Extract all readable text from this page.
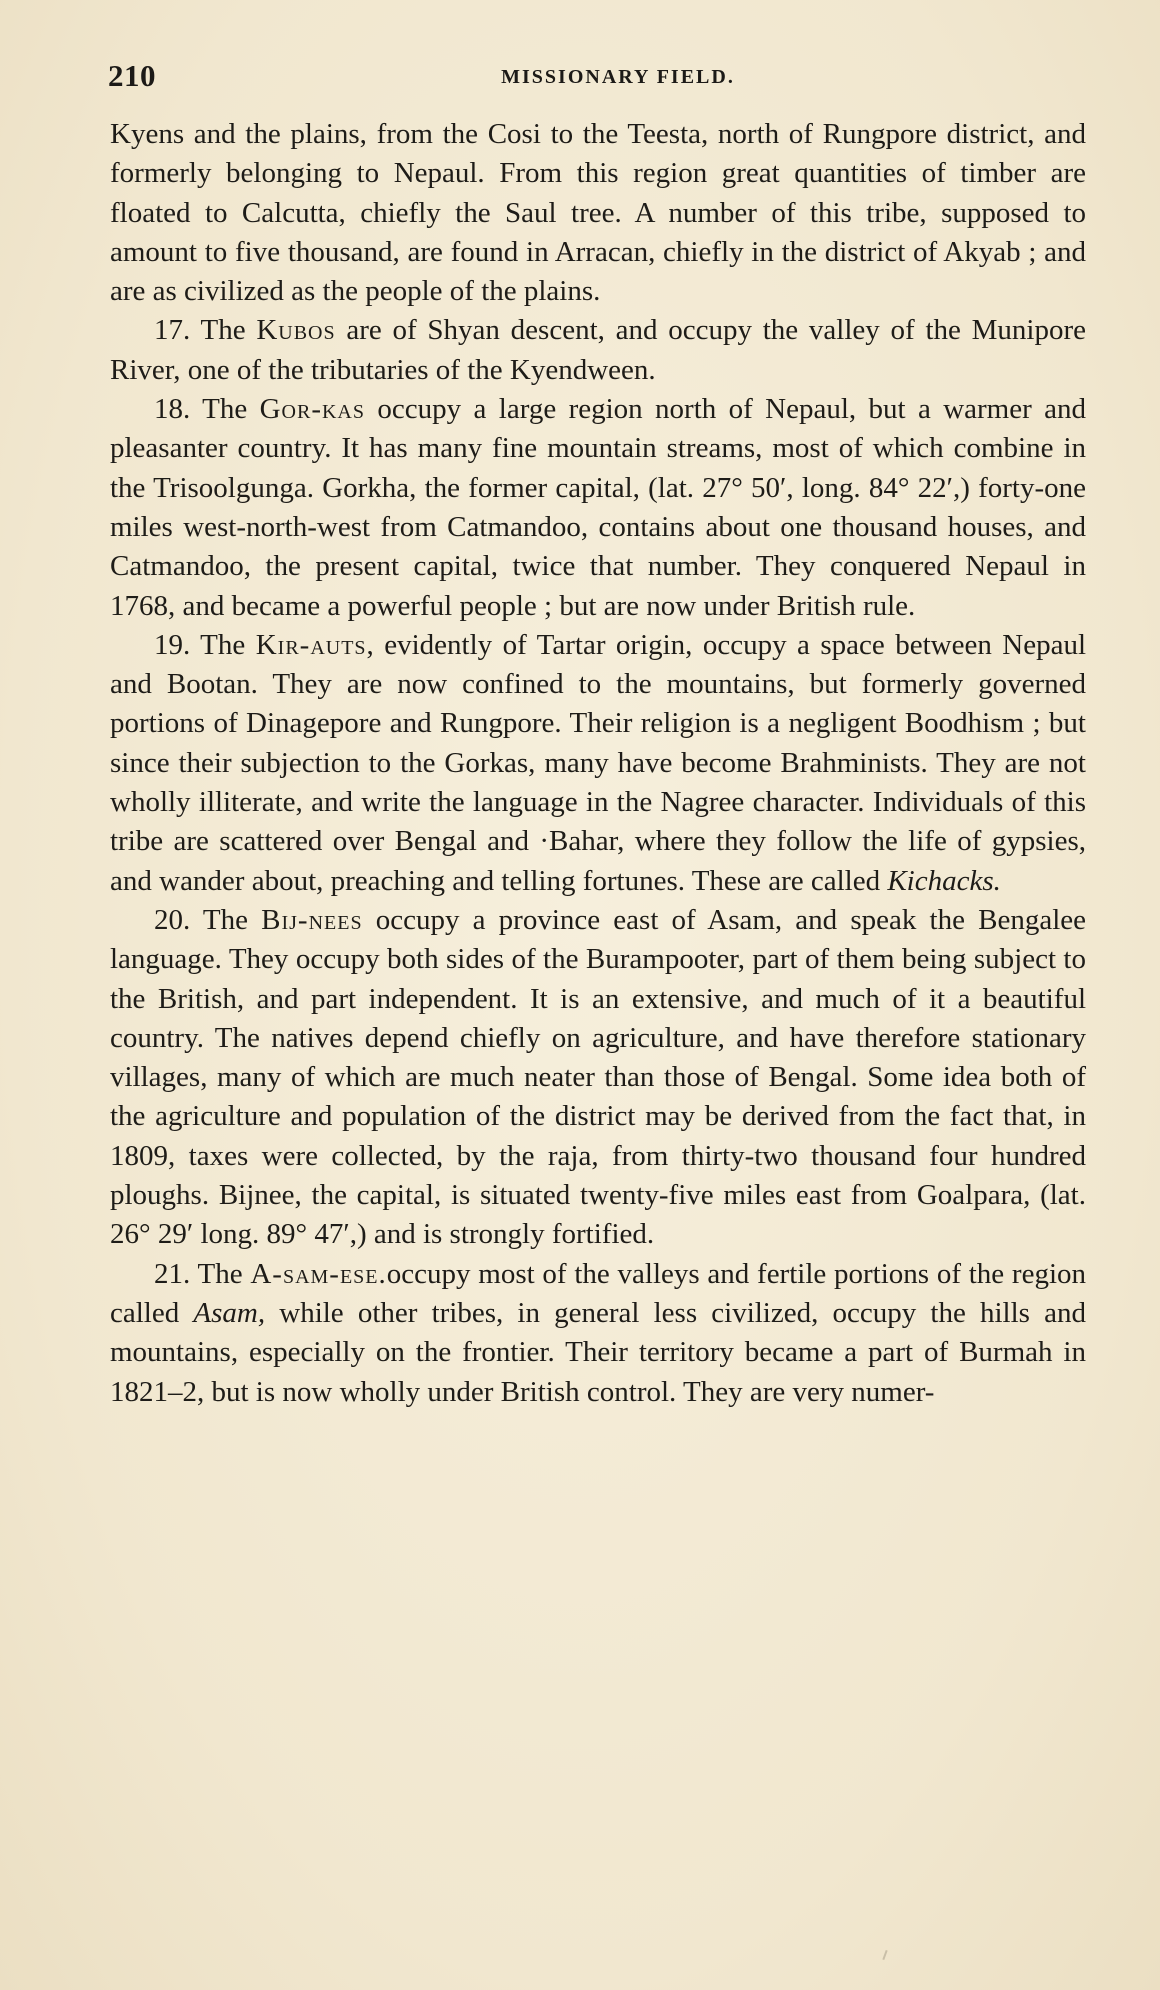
210	MISSIONARY FIELD.

Kyens and the plains, from the Cosi to the Teesta, north of Rungpore district, and formerly belonging to Nepaul. From this region great quantities of timber are floated to Calcutta, chiefly the Saul tree. A number of this tribe, supposed to amount to five thousand, are found in Arracan, chiefly in the district of Akyab ; and are as civilized as the people of the plains.

17. The Kubos are of Shyan descent, and occupy the valley of the Munipore River, one of the tributaries of the Kyendween.

18. The Gor-kas occupy a large region north of Nepaul, but a warmer and pleasanter country. It has many fine mountain streams, most of which combine in the Trisoolgunga. Gorkha, the former capital, (lat. 27° 50′, long. 84° 22′,) forty-one miles west-north-west from Catmandoo, contains about one thousand houses, and Catmandoo, the present capital, twice that number. They conquered Nepaul in 1768, and became a powerful people ; but are now under British rule.

19. The Kir-auts, evidently of Tartar origin, occupy a space between Nepaul and Bootan. They are now confined to the mountains, but formerly governed portions of Dinagepore and Rungpore. Their religion is a negligent Boodhism ; but since their subjection to the Gorkas, many have become Brahminists. They are not wholly illiterate, and write the language in the Nagree character. Individuals of this tribe are scattered over Bengal and ·Bahar, where they follow the life of gypsies, and wander about, preaching and telling fortunes. These are called Kichacks.

20. The Bij-nees occupy a province east of Asam, and speak the Bengalee language. They occupy both sides of the Burampooter, part of them being subject to the British, and part independent. It is an extensive, and much of it a beautiful country. The natives depend chiefly on agriculture, and have therefore stationary villages, many of which are much neater than those of Bengal. Some idea both of the agriculture and population of the district may be derived from the fact that, in 1809, taxes were collected, by the raja, from thirty-two thousand four hundred ploughs. Bijnee, the capital, is situated twenty-five miles east from Goalpara, (lat. 26° 29′ long. 89° 47′,) and is strongly fortified.

21. The A-sam-ese.occupy most of the valleys and fertile portions of the region called Asam, while other tribes, in general less civilized, occupy the hills and mountains, especially on the frontier. Their territory became a part of Burmah in 1821–2, but is now wholly under British control. They are very numer-
